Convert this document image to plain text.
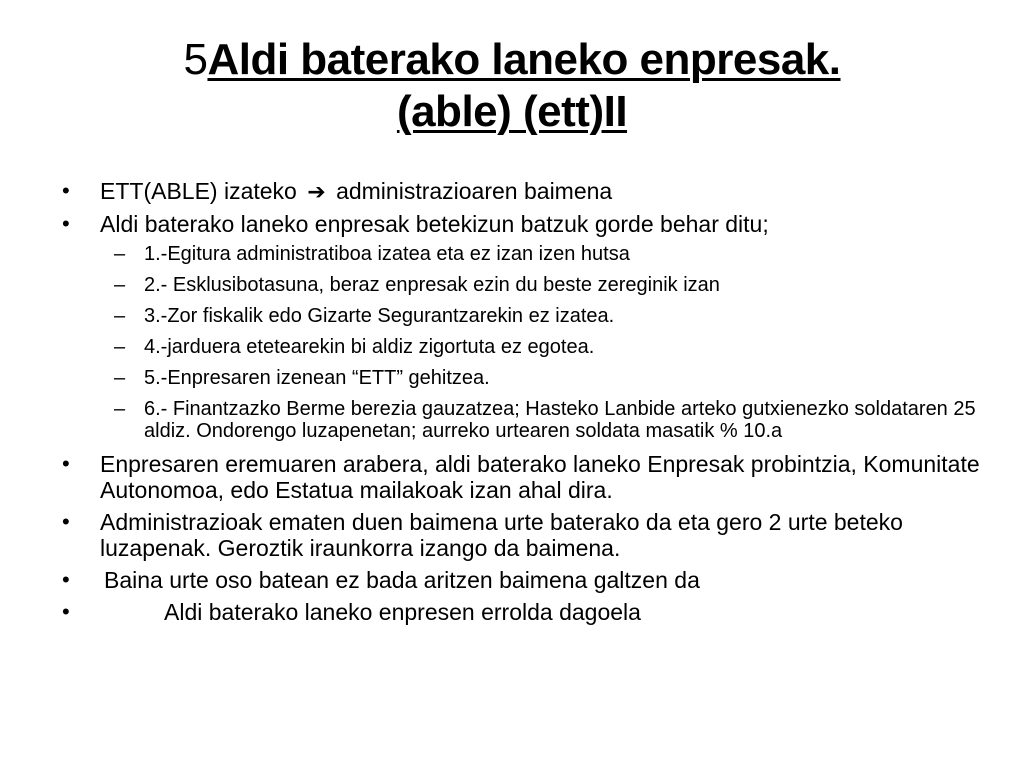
5Aldi baterako laneko enpresak.
(able) (ett)II
•	ETT(ABLE) izateko ➔ administrazioaren baimena
•	Aldi baterako laneko enpresak betekizun batzuk gorde behar ditu;
– 1.-Egitura administratiboa izatea eta ez izan izen hutsa
– 2.- Esklusibotasuna, beraz enpresak ezin du beste zereginik izan
– 3.-Zor fiskalik edo Gizarte Segurantzarekin ez izatea.
– 4.-jarduera etetearekin bi aldiz zigortuta ez egotea.
– 5.-Enpresaren izenean “ETT” gehitzea.
– 6.- Finantzazko Berme berezia gauzatzea; Hasteko Lanbide arteko gutxienezko soldataren 25 aldiz. Ondorengo luzapenetan; aurreko urtearen soldata masatik % 10.a
•	Enpresaren eremuaren arabera, aldi baterako laneko Enpresak probintzia, Komunitate Autonomoa, edo Estatua mailakoak izan ahal dira.
•	Administrazioak ematen duen baimena urte baterako da eta gero 2 urte beteko luzapenak. Geroztik iraunkorra izango da baimena.
•	Baina urte oso batean ez bada aritzen baimena galtzen da
•	Aldi baterako laneko enpresen errolda dagoela
